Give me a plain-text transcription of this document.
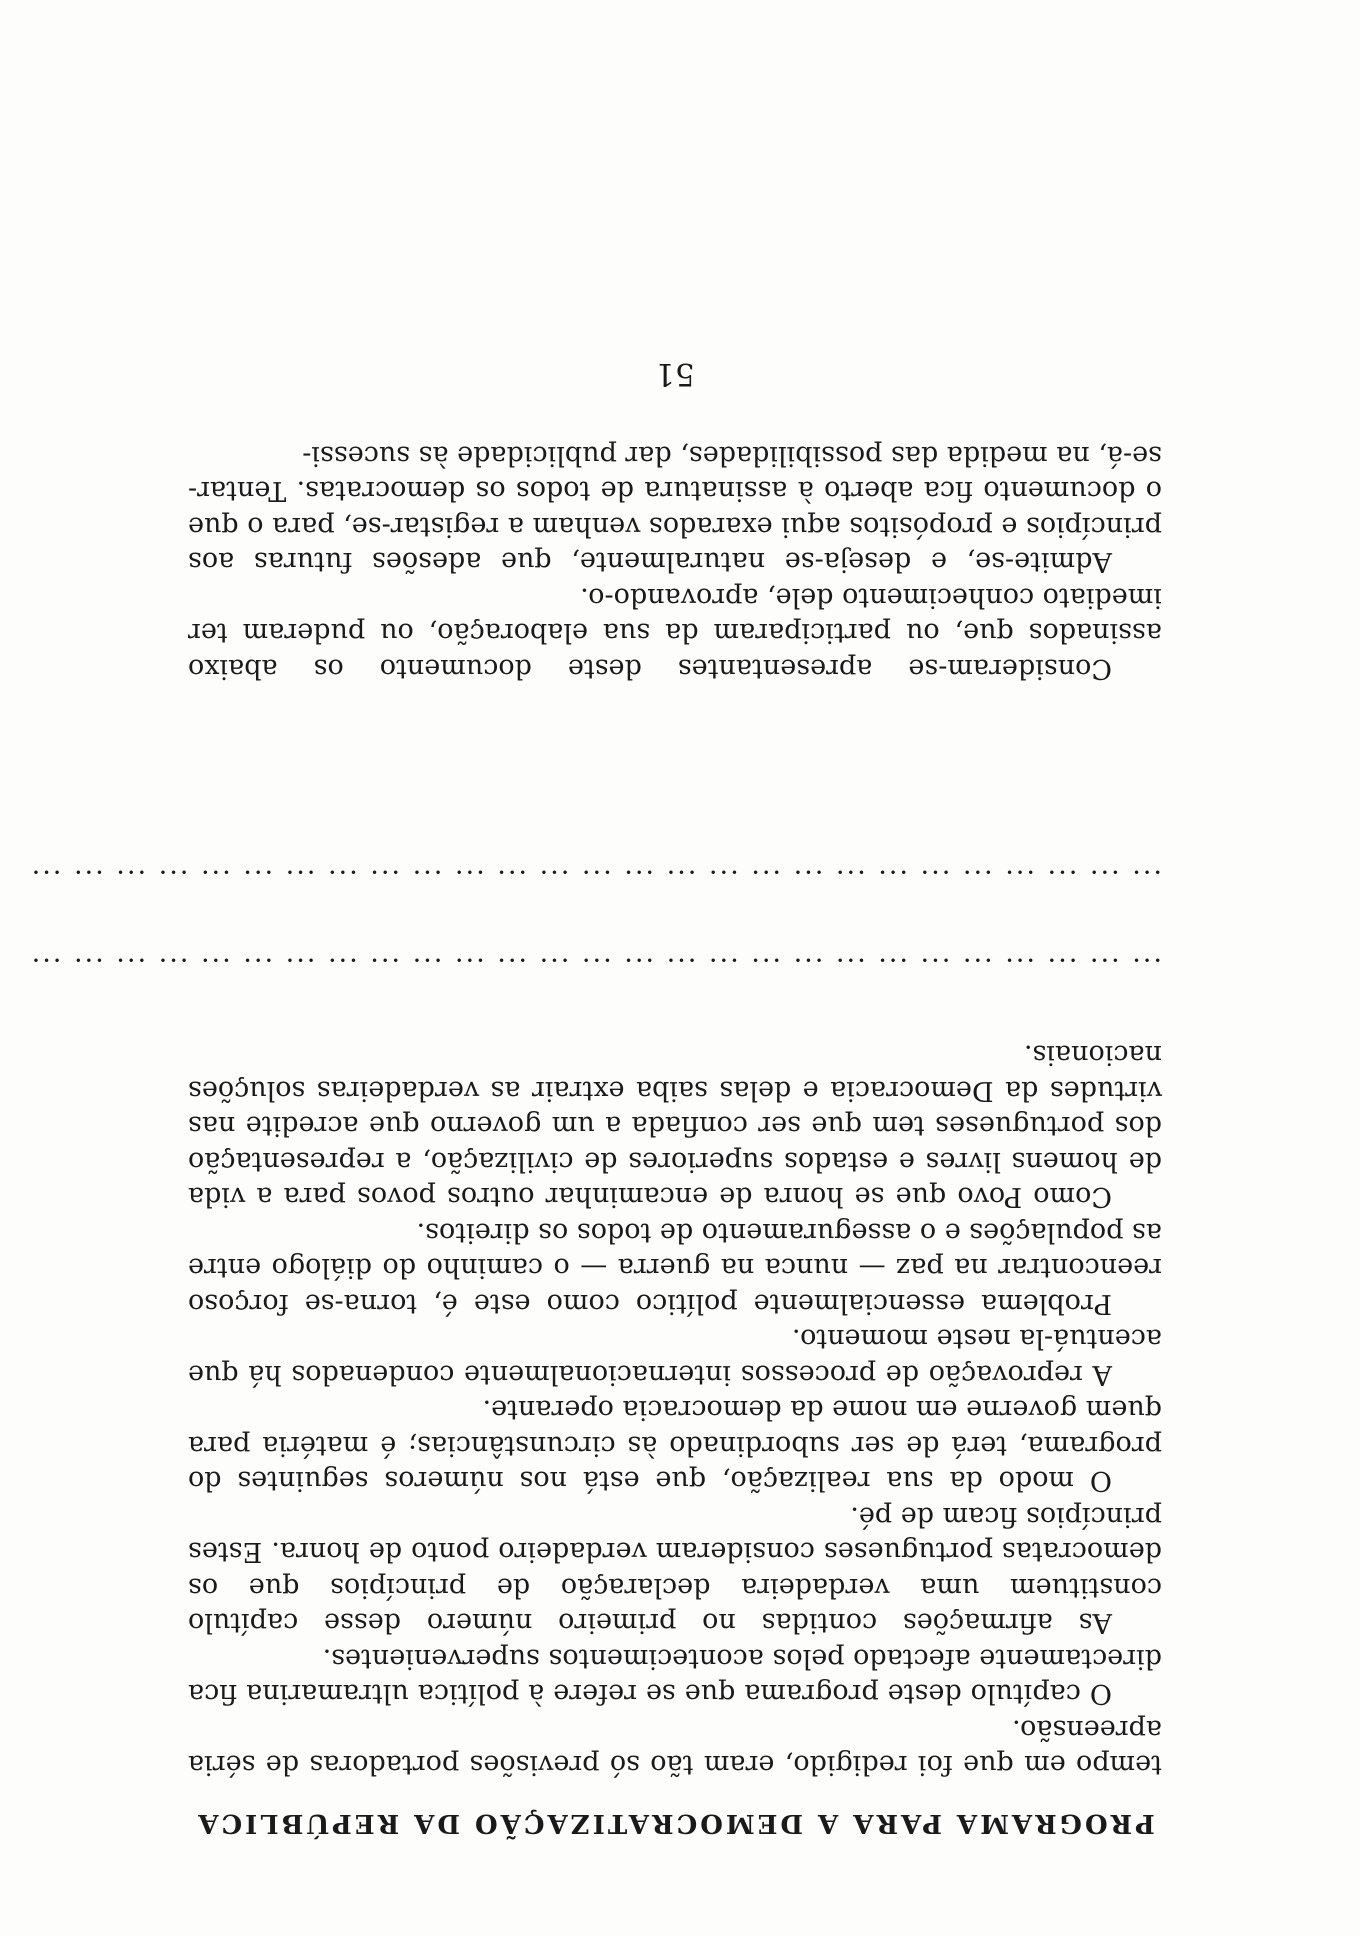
PROGRAMA PARA A DEMOCRATIZAÇÃO DA REPÚBLICA

tempo em que foi redigido, eram tão só previsões portadoras de séria apreensão.

O capítulo deste programa que se refere à política ultramarina fica directamente afectado pelos acontecimentos supervenientes.

As afirmações contidas no primeiro número desse capítulo constituem uma verdadeira declaração de princípios que os democratas portugueses consideram verdadeiro ponto de honra. Estes princípios ficam de pé.

O modo da sua realização, que está nos números seguintes do programa, terá de ser subordinado às circunstâncias; é matéria para quem governe em nome da democracia operante.

A reprovação de processos internacionalmente condenados há que acentuá-la neste momento.

Problema essencialmente político como este é, torna-se forçoso reencontrar na paz — nunca na guerra — o caminho do diálogo entre as populações e o asseguramento de todos os direitos.

Como Povo que se honra de encaminhar outros povos para a vida de homens livres e estados superiores de civilização, a representação dos portugueses tem que ser confiada a um governo que acredite nas virtudes da Democracia e delas saiba extrair as verdadeiras soluções nacionais.

... ... ... ... ... ... ... ... ... ... ... ... ... ... ... ... ... ... ... ... ... ... ... ... ... ... ...

... ... ... ... ... ... ... ... ... ... ... ... ... ... ... ... ... ... ... ... ... ... ... ... ... ... ...

Consideram-se apresentantes deste documento os abaixo assinados que, ou participaram da sua elaboração, ou puderam ter imediato conhecimento dele, aprovando-o.

Admite-se, e deseja-se naturalmente, que adesões futuras aos princípios e propósitos aqui exarados venham a registar-se, para o que o documento fica aberto à assinatura de todos os democratas. Tentar-se-á, na medida das possibilidades, dar publicidade às sucessi-

51
